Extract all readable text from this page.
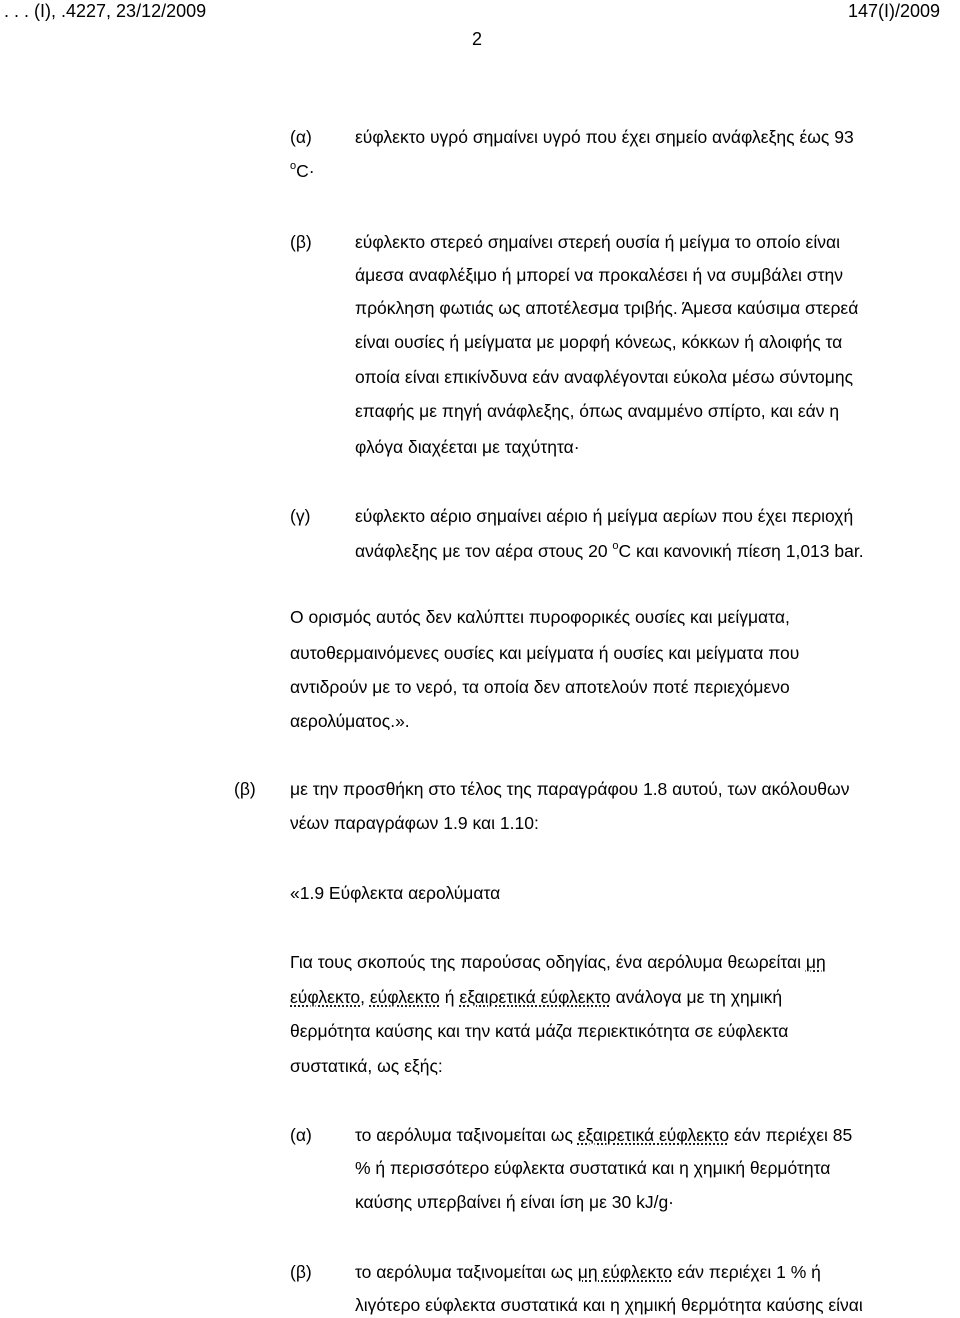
. . . (Ι), .4227, 23/12/2009	147(I)/2009
2
(α) εύφλεκτο υγρό σημαίνει υγρό που έχει σημείο ανάφλεξης έως 93
$^o$C·
(β) εύφλεκτο στερεό σημαίνει στερεή ουσία ή μείγμα το οποίο είναι
άμεσα αναφλέξιμο ή μπορεί να προκαλέσει ή να συμβάλει στην
πρόκληση φωτιάς ως αποτέλεσμα τριβής. Άμεσα καύσιμα στερεά
είναι ουσίες ή μείγματα με μορφή κόνεως, κόκκων ή αλοιφής τα
οποία είναι επικίνδυνα εάν αναφλέγονται εύκολα μέσω σύντομης
επαφής με πηγή ανάφλεξης, όπως αναμμένο σπίρτο, και εάν η
φλόγα διαχέεται με ταχύτητα·
(γ)	εύφλεκτο αέριο σημαίνει αέριο ή μείγμα αερίων που έχει περιοχή
ανάφλεξης με τον αέρα στους 20 $^o$C και κανονική πίεση 1,013 bar.
Ο ορισμός αυτός δεν καλύπτει πυροφορικές ουσίες και μείγματα,
αυτοθερμαινόμενες ουσίες και μείγματα ή ουσίες και μείγματα που
αντιδρούν με το νερό, τα οποία δεν αποτελούν ποτέ περιεχόμενο
αερολύματος.».
(β) με την προσθήκη στο τέλος της παραγράφου 1.8 αυτού, των ακόλουθων
νέων παραγράφων 1.9 και 1.10:
«1.9 Εύφλεκτα αερολύματα
Για τους σκοπούς της παρούσας οδηγίας, ένα αερόλυμα θεωρείται μη
εύφλεκτο, εύφλεκτο ή εξαιρετικά εύφλεκτο ανάλογα με τη χημική
θερμότητα καύσης και την κατά μάζα περιεκτικότητα σε εύφλεκτα
συστατικά, ως εξής:
(α) το αερόλυμα ταξινομείται ως εξαιρετικά εύφλεκτο εάν περιέχει 85
% ή περισσότερο εύφλεκτα συστατικά και η χημική θερμότητα
καύσης υπερβαίνει ή είναι ίση με 30 kJ/g·
(β) το αερόλυμα ταξινομείται ως μη εύφλεκτο εάν περιέχει 1 % ή
λιγότερο εύφλεκτα συστατικά και η χημική θερμότητα καύσης είναι
